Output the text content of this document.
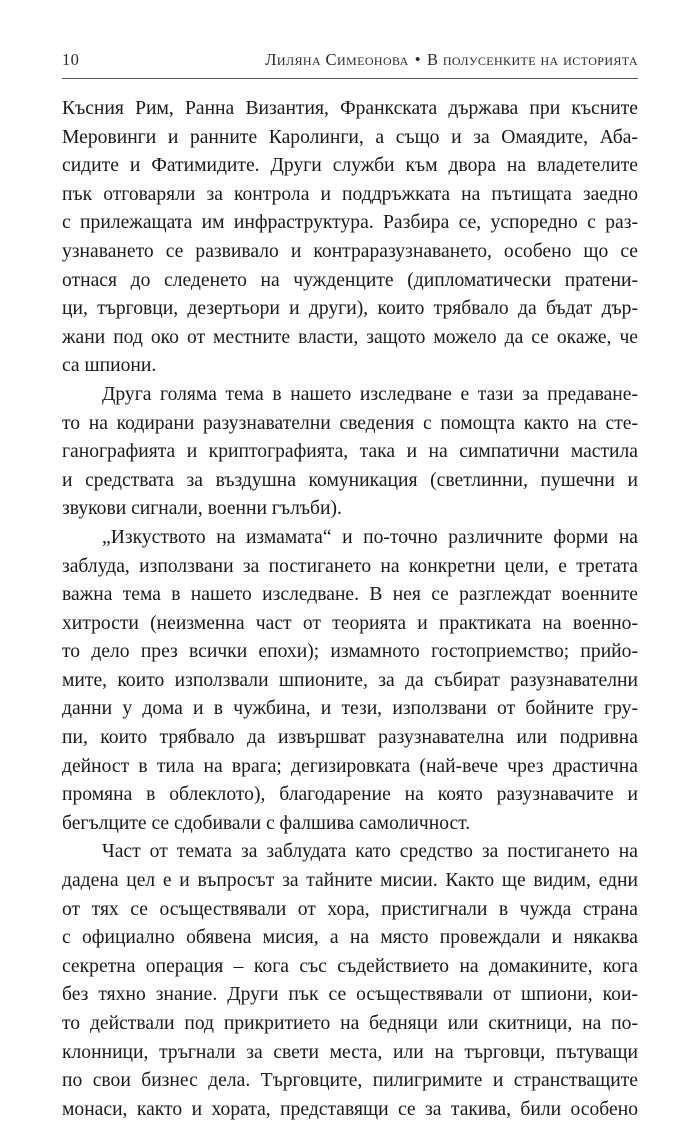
10	Лиляна Симеонова • В полусенките на историята
Късния Рим, Ранна Византия, Франкската държава при късните
Меровинги и ранните Каролинги, а също и за Омаядите, Аба-
сидите и Фатимидите. Други служби към двора на владетелите
пък отговаряли за контрола и поддръжката на пътищата заедно
с прилежащата им инфраструктура. Разбира се, успоредно с раз-
узнаването се развивало и контраразузнаването, особено що се
отнася до следенето на чужденците (дипломатически пратени-
ци, търговци, дезертьори и други), които трябвало да бъдат дър-
жани под око от местните власти, защото можело да се окаже, че
са шпиони.
Друга голяма тема в нашето изследване е тази за предаване-
то на кодирани разузнавателни сведения с помощта както на сте-
ганографията и криптографията, така и на симпатични мастила
и средствата за въздушна комуникация (светлинни, пушечни и
звукови сигнали, военни гълъби).
„Изкуството на измамата“ и по-точно различните форми на
заблуда, използвани за постигането на конкретни цели, е третата
важна тема в нашето изследване. В нея се разглеждат военните
хитрости (неизменна част от теорията и практиката на военно-
то дело през всички епохи); измамното гостоприемство; прийо-
мите, които използвали шпионите, за да събират разузнавателни
данни у дома и в чужбина, и тези, използвани от бойните гру-
пи, които трябвало да извършват разузнавателна или подривна
дейност в тила на врага; дегизировката (най-вече чрез драстична
промяна в облеклото), благодарение на която разузнавачите и
бегълците се сдобивали с фалшива самоличност.
Част от темата за заблудата като средство за постигането на
дадена цел е и въпросът за тайните мисии. Както ще видим, едни
от тях се осъществявали от хора, пристигнали в чужда страна
с официално обявена мисия, а на място провеждали и някаква
секретна операция – кога със съдействието на домакините, кога
без тяхно знание. Други пък се осъществявали от шпиони, кои-
то действали под прикритието на бедняци или скитници, на по-
клонници, тръгнали за свети места, или на търговци, пътуващи
по свои бизнес дела. Търговците, пилигримите и странстващите
монаси, както и хората, представящи се за такива, били особено
